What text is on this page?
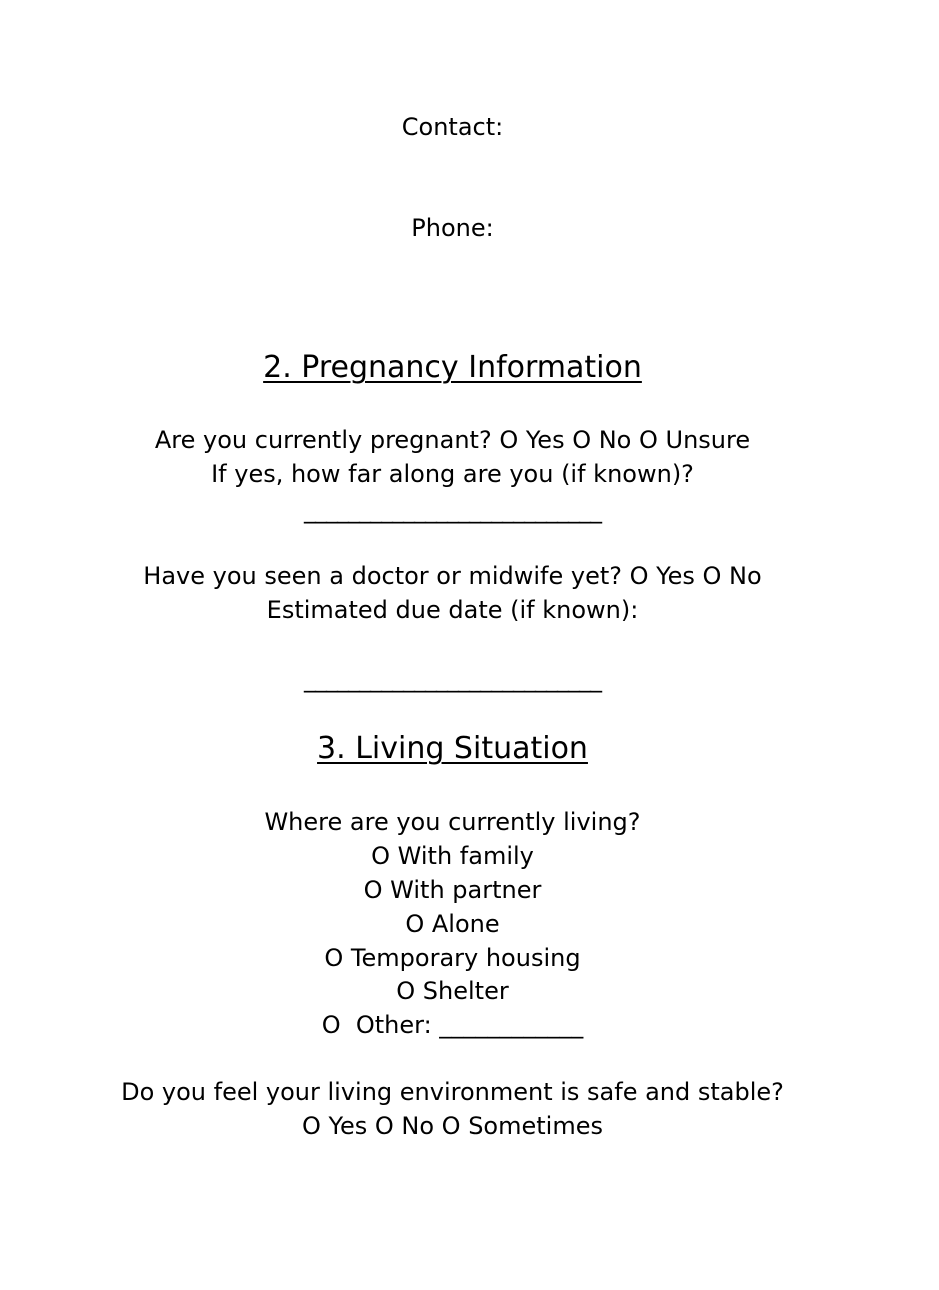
Contact:
Phone:
2. Pregnancy Information
Are you currently pregnant? O Yes O No O Unsure
If yes, how far along are you (if known)?
___________________________
Have you seen a doctor or midwife yet? O Yes O No
Estimated due date (if known):
___________________________
3. Living Situation
Where are you currently living?
O With family
O With partner
O Alone
O Temporary housing
O Shelter
O  Other: ____________
Do you feel your living environment is safe and stable?
O Yes O No O Sometimes
